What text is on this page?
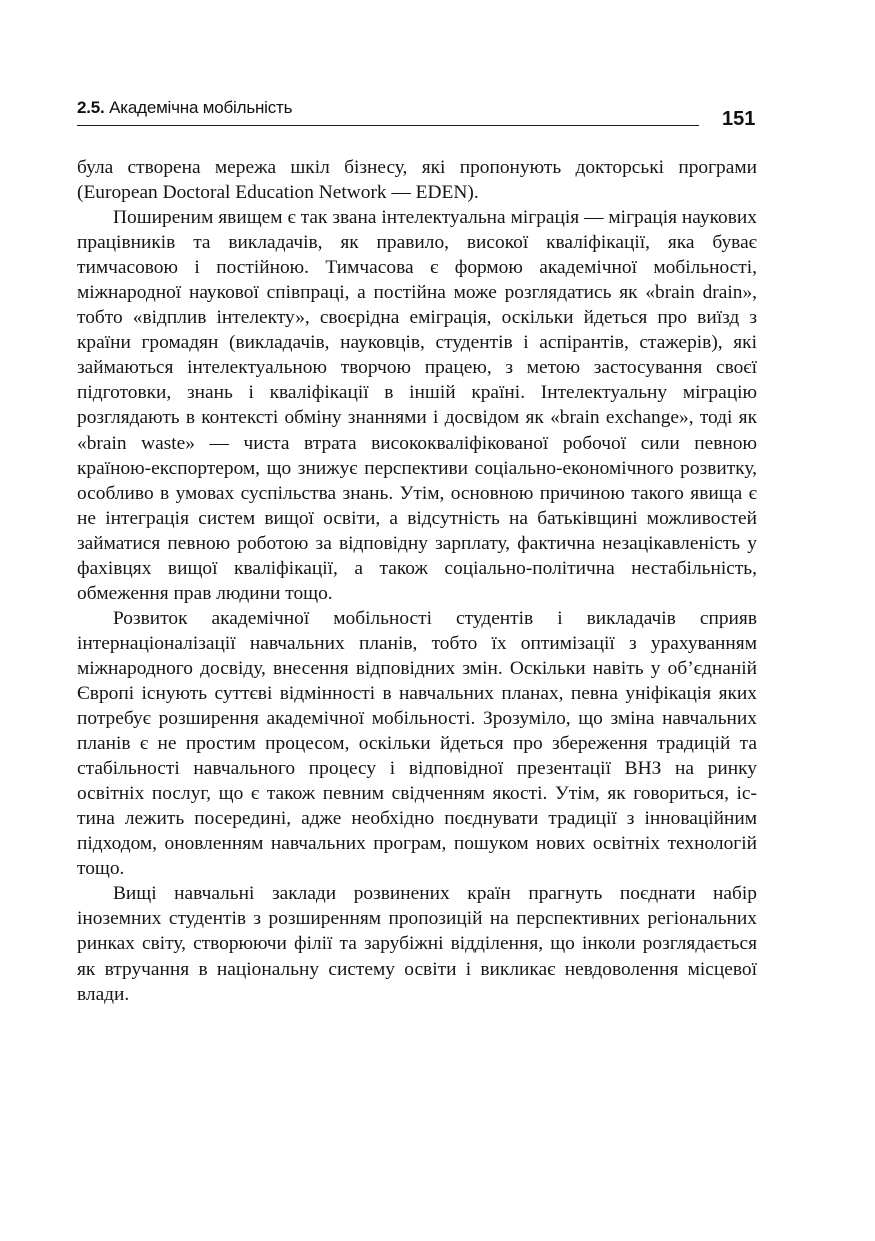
2.5. Академічна мобільність
151

була створена мережа шкіл бізнесу, які пропонують докторські програми (European Doctoral Education Network — EDEN).

Поширеним явищем є так звана інтелектуальна міграція — міграція наукових працівників та викладачів, як правило, високої кваліфікації, яка буває тимчасовою і постійною. Тимчасова є формою академічної мобільності, міжнародної наукової співпраці, а постійна може розглядатись як «brain drain», тобто «відплив інтелекту», своєрідна еміграція, оскільки йдеться про виїзд з країни громадян (викладачів, науковців, студентів і аспірантів, стажерів), які займаються інтелектуальною творчою працею, з метою застосування своєї підготовки, знань і кваліфікації в іншій країні. Інтелектуальну міграцію розглядають в контексті обміну знаннями і досвідом як «brain exchange», тоді як «brain waste» — чиста втрата висококваліфікованої робочої сили певною країною-експортером, що знижує перспективи соціально-економічного розвитку, особливо в умовах суспільства знань. Утім, основною причиною такого явища є не інтеграція систем вищої освіти, а відсутність на батьківщині можливостей займатися певною роботою за відповідну зарплату, фактична незацікавленість у фахівцях вищої кваліфікації, а також соціально-політична нестабільність, обмеження прав людини тощо.

Розвиток академічної мобільності студентів і викладачів сприяв інтернаціоналізації навчальних планів, тобто їх оптимізації з урахуванням міжнародного досвіду, внесення відповідних змін. Оскільки навіть у об’єднаній Європі існують суттєві відмінності в навчальних планах, певна уніфікація яких потребує розширення академічної мобільності. Зрозуміло, що зміна навчальних планів є не простим процесом, оскільки йдеться про збереження традицій та стабільності навчального процесу і відповідної презентації ВНЗ на ринку освітніх послуг, що є також певним свідченням якості. Утім, як говориться, істина лежить посередині, адже необхідно поєднувати традиції з інноваційним підходом, оновленням навчальних програм, пошуком нових освітніх технологій тощо.

Вищі навчальні заклади розвинених країн прагнуть поєднати набір іноземних студентів з розширенням пропозицій на перспективних регіональних ринках світу, створюючи філії та зарубіжні відділення, що інколи розглядається як втручання в національну систему освіти і викликає невдоволення місцевої влади.
